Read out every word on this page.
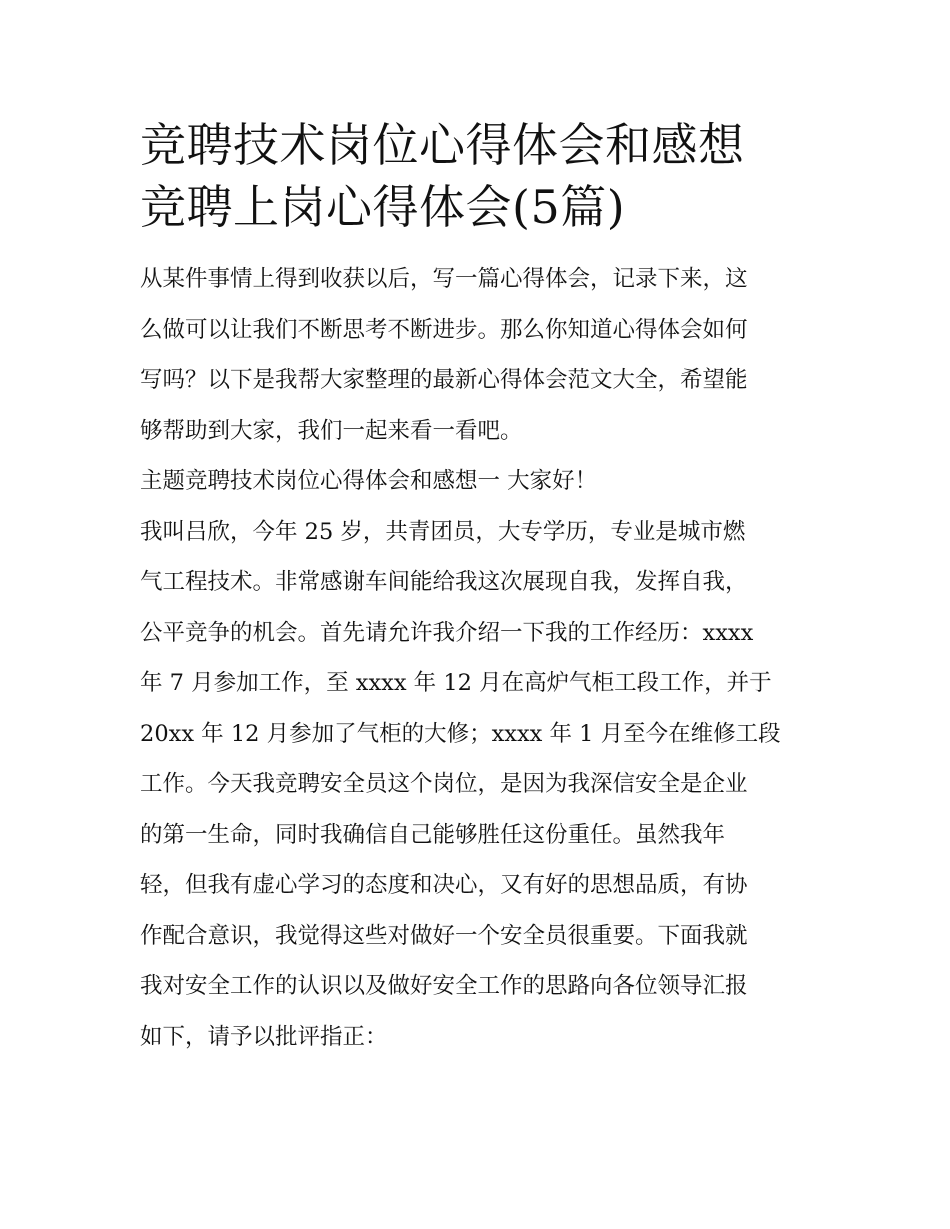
竞聘技术岗位心得体会和感想
竞聘上岗心得体会(5篇)
从某件事情上得到收获以后，写一篇心得体会，记录下来，这
么做可以让我们不断思考不断进步。那么你知道心得体会如何
写吗？以下是我帮大家整理的最新心得体会范文大全，希望能
够帮助到大家，我们一起来看一看吧。
主题竞聘技术岗位心得体会和感想一 大家好！
我叫吕欣，今年 25 岁，共青团员，大专学历，专业是城市燃
气工程技术。非常感谢车间能给我这次展现自我，发挥自我，
公平竞争的机会。首先请允许我介绍一下我的工作经历：xxxx
年 7 月参加工作，至 xxxx 年 12 月在高炉气柜工段工作，并于
20xx 年 12 月参加了气柜的大修；xxxx 年 1 月至今在维修工段
工作。今天我竞聘安全员这个岗位，是因为我深信安全是企业
的第一生命，同时我确信自己能够胜任这份重任。虽然我年
轻，但我有虚心学习的态度和决心，又有好的思想品质，有协
作配合意识，我觉得这些对做好一个安全员很重要。下面我就
我对安全工作的认识以及做好安全工作的思路向各位领导汇报
如下，请予以批评指正：
